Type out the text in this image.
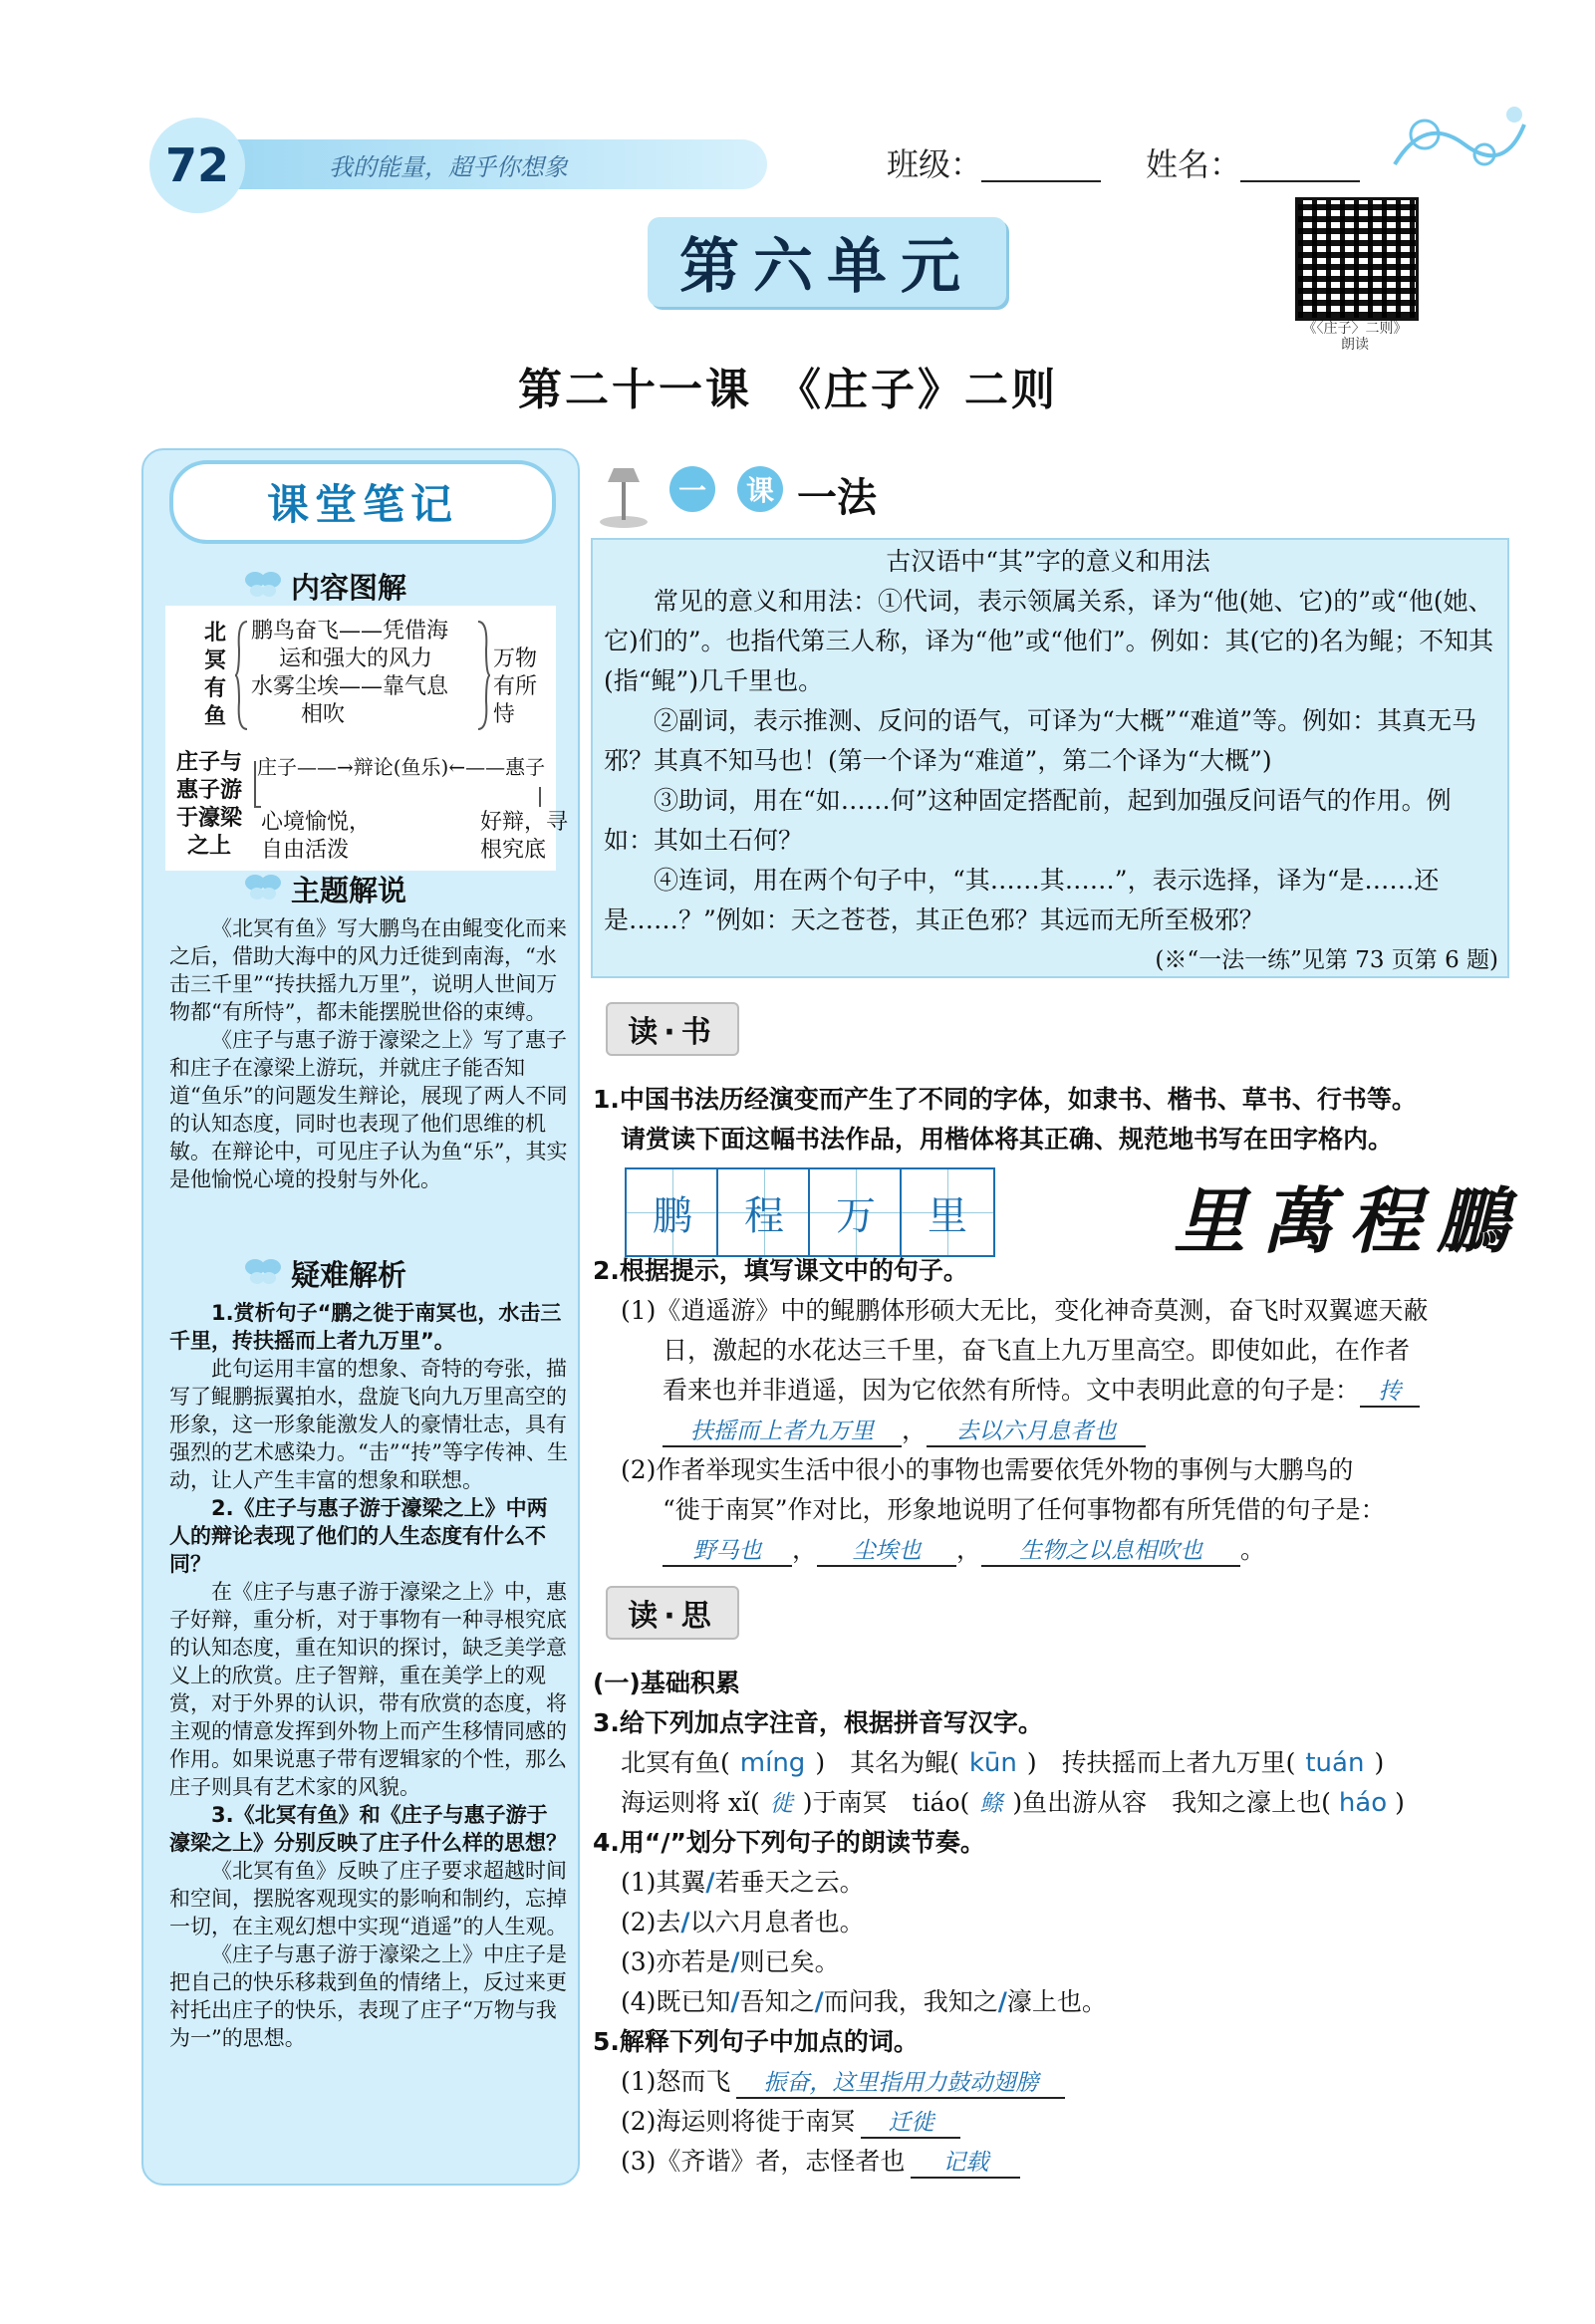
72	我的能量，超乎你想象	班级：	姓名：
第六单元
《〈庄子〉二则》
朗读
第二十一课　《庄子》二则
课堂笔记
内容图解
北冥有鱼
鹏鸟奋飞——凭借海
运和强大的风力
水雾尘埃——靠气息
相吹
万物有所恃
庄子与惠子游于濠梁之上
庄子——→辩论(鱼乐)←——惠子
心境愉悦，
自由活泼
好辩，寻
根究底
主题解说
《北冥有鱼》写大鹏鸟在由鲲变化而来之后，借助大海中的风力迁徙到南海，“水击三千里”“抟扶摇九万里”，说明人世间万物都“有所恃”，都未能摆脱世俗的束缚。
《庄子与惠子游于濠梁之上》写了惠子和庄子在濠梁上游玩，并就庄子能否知道“鱼乐”的问题发生辩论，展现了两人不同的认知态度，同时也表现了他们思维的机敏。在辩论中，可见庄子认为鱼“乐”，其实是他愉悦心境的投射与外化。
疑难解析
1.赏析句子“鹏之徙于南冥也，水击三千里，抟扶摇而上者九万里”。
此句运用丰富的想象、奇特的夸张，描写了鲲鹏振翼拍水，盘旋飞向九万里高空的形象，这一形象能激发人的豪情壮志，具有强烈的艺术感染力。“击”“抟”等字传神、生动，让人产生丰富的想象和联想。
2.《庄子与惠子游于濠梁之上》中两人的辩论表现了他们的人生态度有什么不同？
在《庄子与惠子游于濠梁之上》中，惠子好辩，重分析，对于事物有一种寻根究底的认知态度，重在知识的探讨，缺乏美学意义上的欣赏。庄子智辩，重在美学上的观赏，对于外界的认识，带有欣赏的态度，将主观的情意发挥到外物上而产生移情同感的作用。如果说惠子带有逻辑家的个性，那么庄子则具有艺术家的风貌。
3.《北冥有鱼》和《庄子与惠子游于濠梁之上》分别反映了庄子什么样的思想？
《北冥有鱼》反映了庄子要求超越时间和空间，摆脱客观现实的影响和制约，忘掉一切，在主观幻想中实现“逍遥”的人生观。
《庄子与惠子游于濠梁之上》中庄子是把自己的快乐移栽到鱼的情绪上，反过来更衬托出庄子的快乐，表现了庄子“万物与我为一”的思想。
一	课 一法
古汉语中“其”字的意义和用法
常见的意义和用法：①代词，表示领属关系，译为“他(她、它)的”或“他(她、它)们的”。也指代第三人称，译为“他”或“他们”。例如：其(它的)名为鲲；不知其(指“鲲”)几千里也。
②副词，表示推测、反问的语气，可译为“大概”“难道”等。例如：其真无马邪？其真不知马也！(第一个译为“难道”，第二个译为“大概”)
③助词，用在“如……何”这种固定搭配前，起到加强反问语气的作用。例如：其如土石何？
④连词，用在两个句子中，“其……其……”，表示选择，译为“是……还是……？”例如：天之苍苍，其正色邪？其远而无所至极邪？
(※“一法一练”见第 73 页第 6 题)
读·书
1.中国书法历经演变而产生了不同的字体，如隶书、楷书、草书、行书等。
请赏读下面这幅书法作品，用楷体将其正确、规范地书写在田字格内。
鹏	程	万	里	里萬程鵬
2.根据提示，填写课文中的句子。
(1)《逍遥游》中的鲲鹏体形硕大无比，变化神奇莫测，奋飞时双翼遮天蔽
日，激起的水花达三千里，奋飞直上九万里高空。即使如此，在作者
看来也并非逍遥，因为它依然有所恃。文中表明此意的句子是： 抟
扶摇而上者九万里 ， 去以六月息者也
(2)作者举现实生活中很小的事物也需要依凭外物的事例与大鹏鸟的
“徙于南冥”作对比，形象地说明了任何事物都有所凭借的句子是：
野马也 ， 尘埃也 ， 生物之以息相吹也 。
读·思
(一)基础积累
3.给下列加点字注音，根据拼音写汉字。
北冥有鱼( míng )　其名为鲲( kūn )　抟扶摇而上者九万里( tuán )
海运则将 xǐ( 徙 )于南冥　tiáo( 鲦 )鱼出游从容　我知之濠上也( háo )
4.用“/”划分下列句子的朗读节奏。
(1)其翼/若垂天之云。
(2)去/以六月息者也。
(3)亦若是/则已矣。
(4)既已知/吾知之/而问我，我知之/濠上也。
5.解释下列句子中加点的词。
(1)怒而飞 振奋，这里指用力鼓动翅膀
(2)海运则将徙于南冥 迁徙
(3)《齐谐》者，志怪者也 记载
